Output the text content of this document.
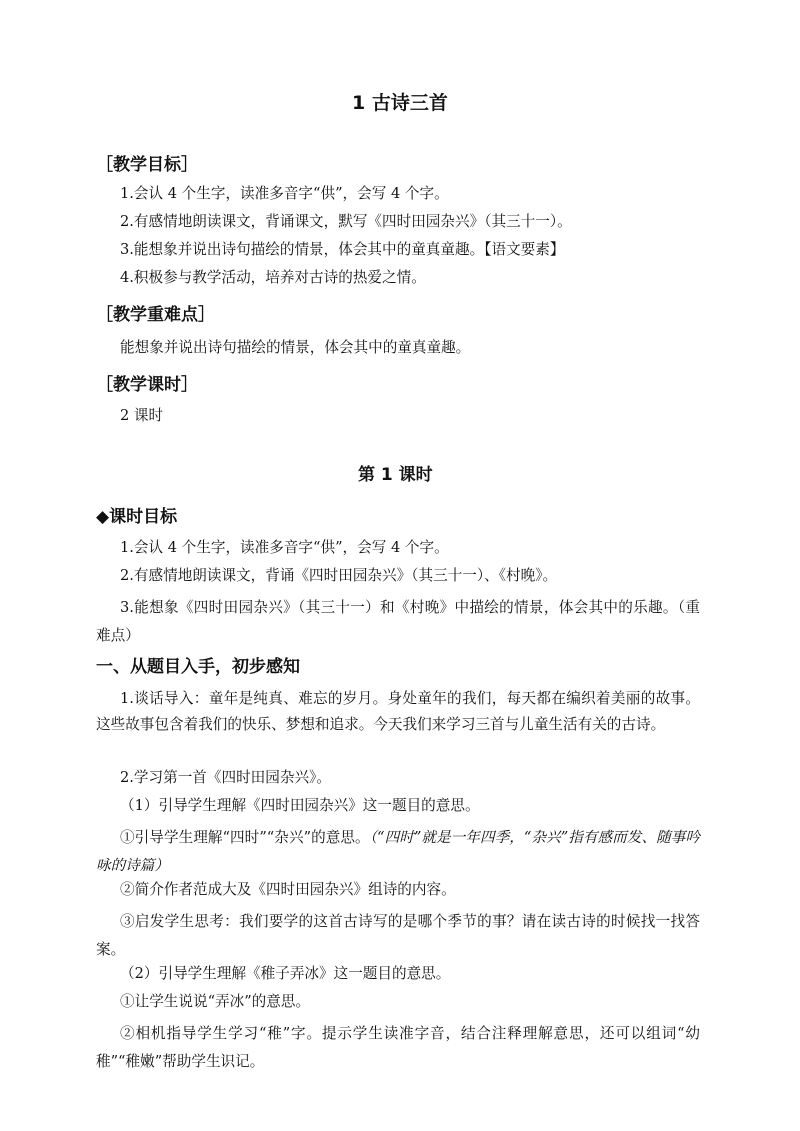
1 古诗三首
［教学目标］
1.会认 4 个生字，读准多音字“供”，会写 4 个字。
2.有感情地朗读课文，背诵课文，默写《四时田园杂兴》（其三十一）。
3.能想象并说出诗句描绘的情景，体会其中的童真童趣。【语文要素】
4.积极参与教学活动，培养对古诗的热爱之情。
［教学重难点］
能想象并说出诗句描绘的情景，体会其中的童真童趣。
［教学课时］
2 课时
第 1 课时
◆课时目标
1.会认 4 个生字，读准多音字“供”，会写 4 个字。
2.有感情地朗读课文，背诵《四时田园杂兴》（其三十一）、《村晚》。
3.能想象《四时田园杂兴》（其三十一）和《村晚》中描绘的情景，体会其中的乐趣。（重难点）
一、从题目入手，初步感知
1.谈话导入：童年是纯真、难忘的岁月。身处童年的我们，每天都在编织着美丽的故事。这些故事包含着我们的快乐、梦想和追求。今天我们来学习三首与儿童生活有关的古诗。
2.学习第一首《四时田园杂兴》。
（1）引导学生理解《四时田园杂兴》这一题目的意思。
①引导学生理解“四时”“杂兴”的意思。（“四时”就是一年四季，“杂兴”指有感而发、随事吟咏的诗篇）
②简介作者范成大及《四时田园杂兴》组诗的内容。
③启发学生思考：我们要学的这首古诗写的是哪个季节的事？请在读古诗的时候找一找答案。
（2）引导学生理解《稚子弄冰》这一题目的意思。
①让学生说说“弄冰”的意思。
②相机指导学生学习“稚”字。提示学生读准字音，结合注释理解意思，还可以组词“幼稚”“稚嫩”帮助学生识记。
